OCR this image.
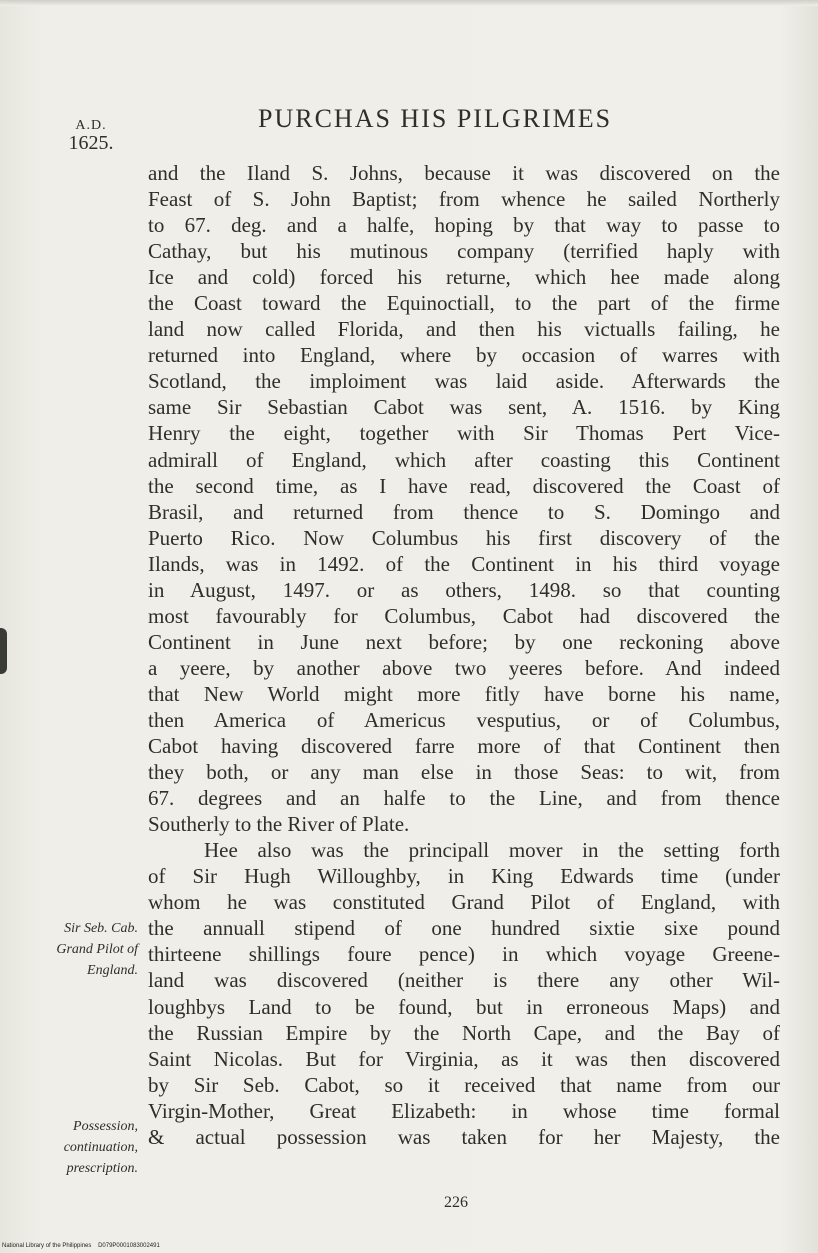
A.D.
1625.
PURCHAS HIS PILGRIMES
and the Iland S. Johns, because it was discovered on the
Feast of S. John Baptist; from whence he sailed Northerly
to 67. deg. and a halfe, hoping by that way to passe to
Cathay, but his mutinous company (terrified haply with
Ice and cold) forced his returne, which hee made along
the Coast toward the Equinoctiall, to the part of the firme
land now called Florida, and then his victualls failing, he
returned into England, where by occasion of warres with
Scotland, the imploiment was laid aside. Afterwards the
same Sir Sebastian Cabot was sent, A. 1516. by King
Henry the eight, together with Sir Thomas Pert Vice-
admirall of England, which after coasting this Continent
the second time, as I have read, discovered the Coast of
Brasil, and returned from thence to S. Domingo and
Puerto Rico. Now Columbus his first discovery of the
Ilands, was in 1492. of the Continent in his third voyage
in August, 1497. or as others, 1498. so that counting
most favourably for Columbus, Cabot had discovered the
Continent in June next before; by one reckoning above
a yeere, by another above two yeeres before. And indeed
that New World might more fitly have borne his name,
then America of Americus vesputius, or of Columbus,
Cabot having discovered farre more of that Continent then
they both, or any man else in those Seas: to wit, from
67. degrees and an halfe to the Line, and from thence
Southerly to the River of Plate.
Hee also was the principall mover in the setting forth
of Sir Hugh Willoughby, in King Edwards time (under
whom he was constituted Grand Pilot of England, with
the annuall stipend of one hundred sixtie sixe pound
thirteene shillings foure pence) in which voyage Greene-
land was discovered (neither is there any other Wil-
loughbys Land to be found, but in erroneous Maps) and
the Russian Empire by the North Cape, and the Bay of
Saint Nicolas. But for Virginia, as it was then discovered
by Sir Seb. Cabot, so it received that name from our
Virgin-Mother, Great Elizabeth: in whose time formal
& actual possession was taken for her Majesty, the
Sir Seb. Cab.
Grand Pilot of
England.
Possession,
continuation,
prescription.
226
National Library of the Philippines D079P0001083002491
